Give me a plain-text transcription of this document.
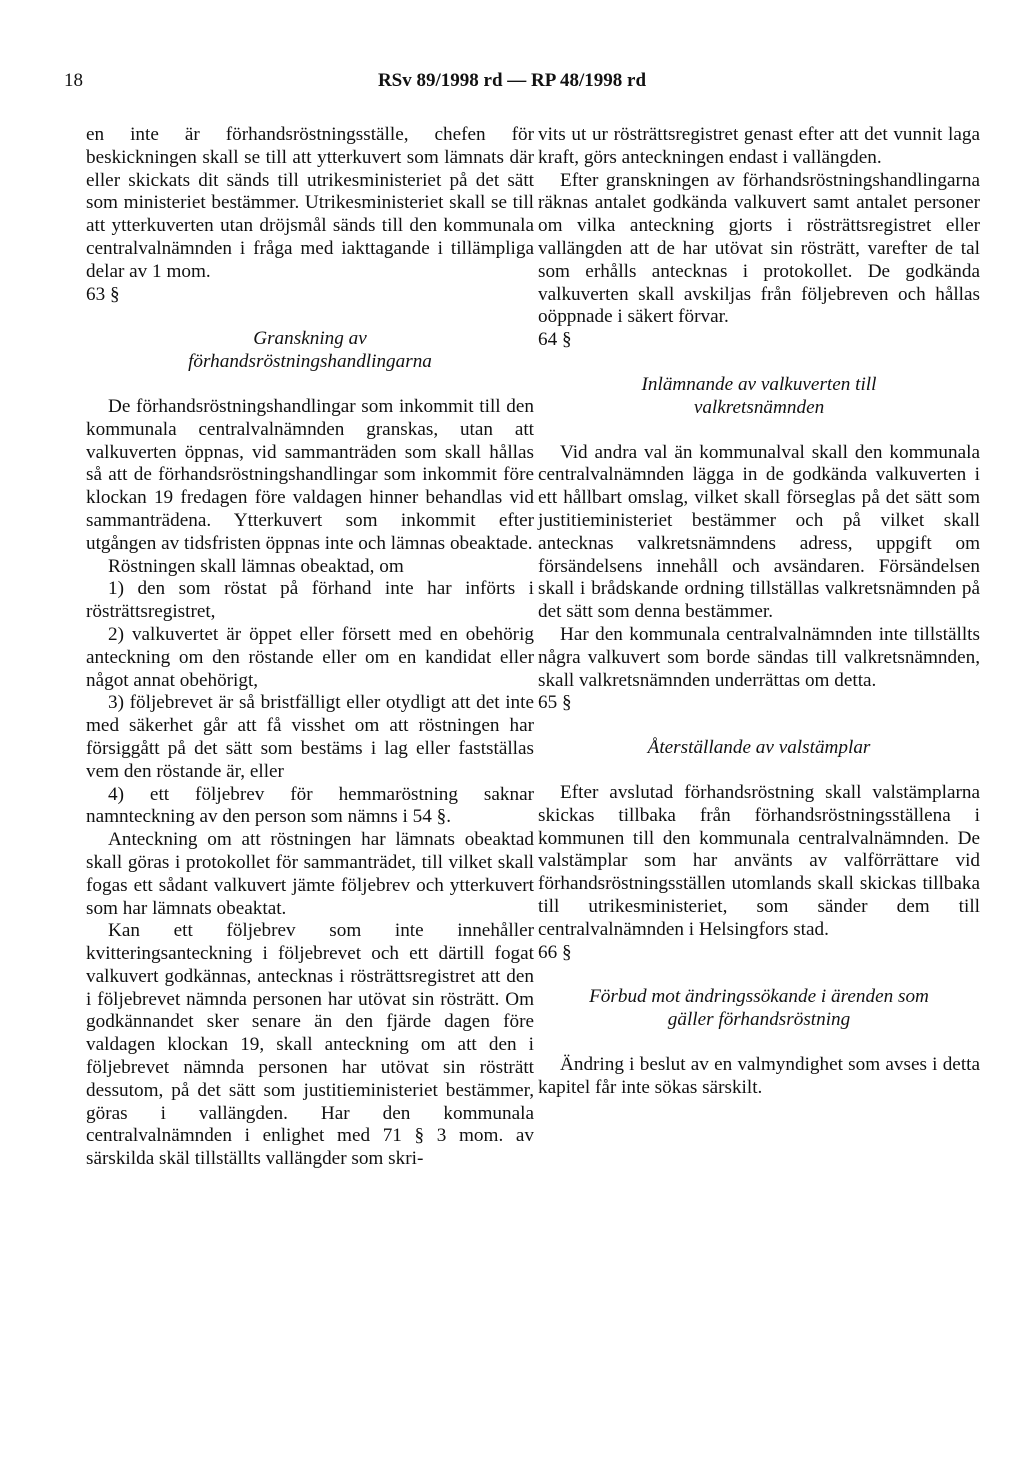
18	RSv 89/1998 rd — RP 48/1998 rd

en inte är förhandsröstningsställe, chefen för beskickningen skall se till att ytterkuvert som lämnats där eller skickats dit sänds till utrikesministeriet på det sätt som ministeriet bestämmer. Utrikesministeriet skall se till att ytterkuverten utan dröjsmål sänds till den kommunala centralvalnämnden i fråga med iakttagande i tillämpliga delar av 1 mom.

63 §

Granskning av
förhandsröstningshandlingarna

De förhandsröstningshandlingar som inkommit till den kommunala centralvalnämnden granskas, utan att valkuverten öppnas, vid sammanträden som skall hållas så att de förhandsröstningshandlingar som inkommit före klockan 19 fredagen före valdagen hinner behandlas vid sammanträdena. Ytterkuvert som inkommit efter utgången av tidsfristen öppnas inte och lämnas obeaktade.

Röstningen skall lämnas obeaktad, om

1) den som röstat på förhand inte har införts i rösträttsregistret,

2) valkuvertet är öppet eller försett med en obehörig anteckning om den röstande eller om en kandidat eller något annat obehörigt,

3) följebrevet är så bristfälligt eller otydligt att det inte med säkerhet går att få visshet om att röstningen har försiggått på det sätt som bestäms i lag eller fastställas vem den röstande är, eller

4) ett följebrev för hemmaröstning saknar namnteckning av den person som nämns i 54 §.

Anteckning om att röstningen har lämnats obeaktad skall göras i protokollet för sammanträdet, till vilket skall fogas ett sådant valkuvert jämte följebrev och ytterkuvert som har lämnats obeaktat.

Kan ett följebrev som inte innehåller kvitteringsanteckning i följebrevet och ett därtill fogat valkuvert godkännas, antecknas i rösträttsregistret att den i följebrevet nämnda personen har utövat sin rösträtt. Om godkännandet sker senare än den fjärde dagen före valdagen klockan 19, skall anteckning om att den i följebrevet nämnda personen har utövat sin rösträtt dessutom, på det sätt som justitieministeriet bestämmer, göras i vallängden. Har den kommunala centralvalnämnden i enlighet med 71 § 3 mom. av särskilda skäl tillställts vallängder som skri-

vits ut ur rösträttsregistret genast efter att det vunnit laga kraft, görs anteckningen endast i vallängden.

Efter granskningen av förhandsröstningshandlingarna räknas antalet godkända valkuvert samt antalet personer om vilka anteckning gjorts i rösträttsregistret eller vallängden att de har utövat sin rösträtt, varefter de tal som erhålls antecknas i protokollet. De godkända valkuverten skall avskiljas från följebreven och hållas oöppnade i säkert förvar.

64 §

Inlämnande av valkuverten till
valkretsnämnden

Vid andra val än kommunalval skall den kommunala centralvalnämnden lägga in de godkända valkuverten i ett hållbart omslag, vilket skall förseglas på det sätt som justitieministeriet bestämmer och på vilket skall antecknas valkretsnämndens adress, uppgift om försändelsens innehåll och avsändaren. Försändelsen skall i brådskande ordning tillställas valkretsnämnden på det sätt som denna bestämmer.

Har den kommunala centralvalnämnden inte tillställts några valkuvert som borde sändas till valkretsnämnden, skall valkretsnämnden underrättas om detta.

65 §

Återställande av valstämplar

Efter avslutad förhandsröstning skall valstämplarna skickas tillbaka från förhandsröstningsställena i kommunen till den kommunala centralvalnämnden. De valstämplar som har använts av valförrättare vid förhandsröstningsställen utomlands skall skickas tillbaka till utrikesministeriet, som sänder dem till centralvalnämnden i Helsingfors stad.

66 §

Förbud mot ändringssökande i ärenden som
gäller förhandsröstning

Ändring i beslut av en valmyndighet som avses i detta kapitel får inte sökas särskilt.
